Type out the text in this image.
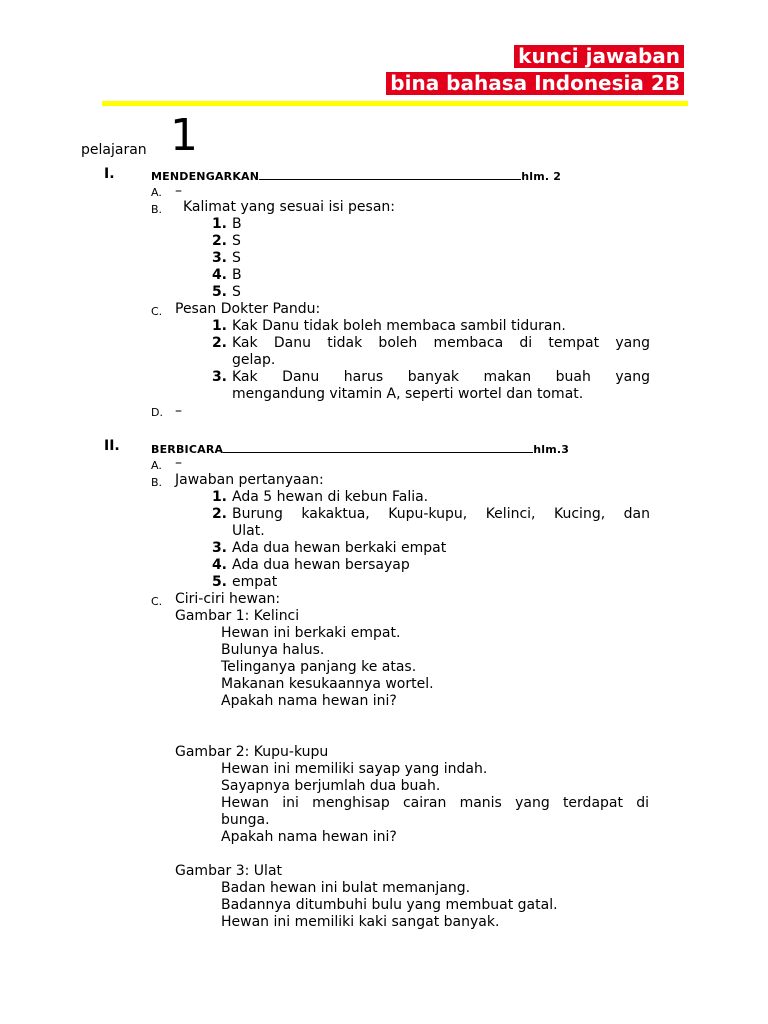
kunci jawaban
bina bahasa Indonesia 2B
pelajaran 1
I.	MENDENGARKAN	hlm. 2
A. –
B. Kalimat yang sesuai isi pesan:
1. B
2. S
3. S
4. B
5. S
C. Pesan Dokter Pandu:
1. Kak Danu tidak boleh membaca sambil tiduran.
2. Kak Danu tidak boleh membaca di tempat yang
gelap.
3. Kak Danu harus banyak makan buah yang
mengandung vitamin A, seperti wortel dan tomat.
D. –
II.	BERBICARA	hlm.3
A. –
B. Jawaban pertanyaan:
1. Ada 5 hewan di kebun Falia.
2. Burung kakaktua, Kupu-kupu, Kelinci, Kucing, dan
Ulat.
3. Ada dua hewan berkaki empat
4. Ada dua hewan bersayap
5. empat
C. Ciri-ciri hewan:
Gambar 1: Kelinci
Hewan ini berkaki empat.
Bulunya halus.
Telinganya panjang ke atas.
Makanan kesukaannya wortel.
Apakah nama hewan ini?
Gambar 2: Kupu-kupu
Hewan ini memiliki sayap yang indah.
Sayapnya berjumlah dua buah.
Hewan ini menghisap cairan manis yang terdapat di
bunga.
Apakah nama hewan ini?
Gambar 3: Ulat
Badan hewan ini bulat memanjang.
Badannya ditumbuhi bulu yang membuat gatal.
Hewan ini memiliki kaki sangat banyak.
